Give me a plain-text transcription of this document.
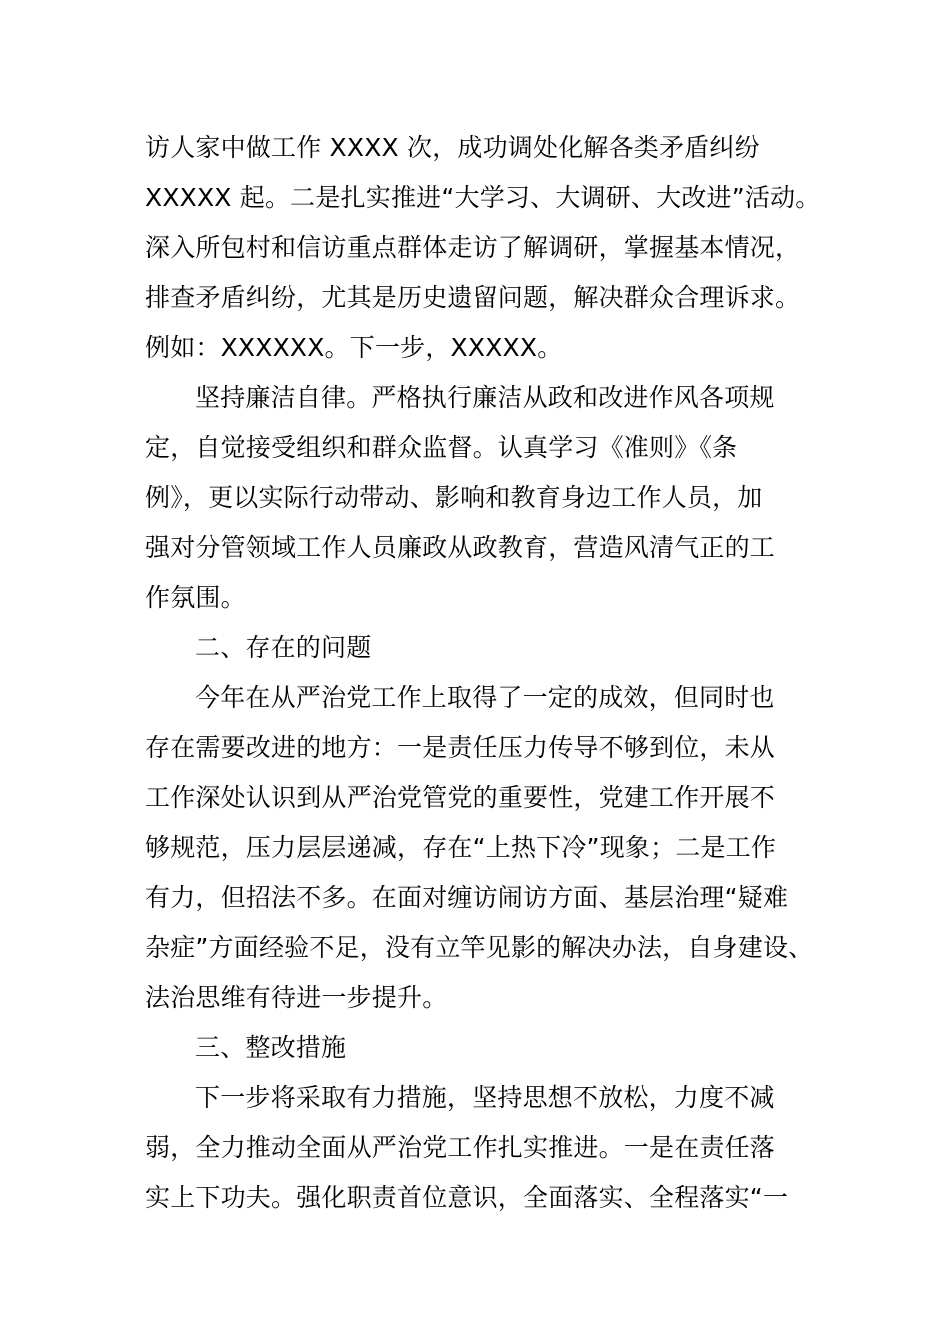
访人家中做工作 XXXX 次，成功调处化解各类矛盾纠纷
XXXXX 起。二是扎实推进“大学习、大调研、大改进”活动。
深入所包村和信访重点群体走访了解调研，掌握基本情况，
排查矛盾纠纷，尤其是历史遗留问题，解决群众合理诉求。
例如：XXXXXX。下一步，XXXXX。
坚持廉洁自律。严格执行廉洁从政和改进作风各项规
定，自觉接受组织和群众监督。认真学习《准则》《条
例》，更以实际行动带动、影响和教育身边工作人员，加
强对分管领域工作人员廉政从政教育，营造风清气正的工
作氛围。
二、存在的问题
今年在从严治党工作上取得了一定的成效，但同时也
存在需要改进的地方：一是责任压力传导不够到位，未从
工作深处认识到从严治党管党的重要性，党建工作开展不
够规范，压力层层递减，存在“上热下冷”现象；二是工作
有力，但招法不多。在面对缠访闹访方面、基层治理“疑难
杂症”方面经验不足，没有立竿见影的解决办法，自身建设、
法治思维有待进一步提升。
三、整改措施
下一步将采取有力措施，坚持思想不放松，力度不减
弱，全力推动全面从严治党工作扎实推进。一是在责任落
实上下功夫。强化职责首位意识，全面落实、全程落实“一
